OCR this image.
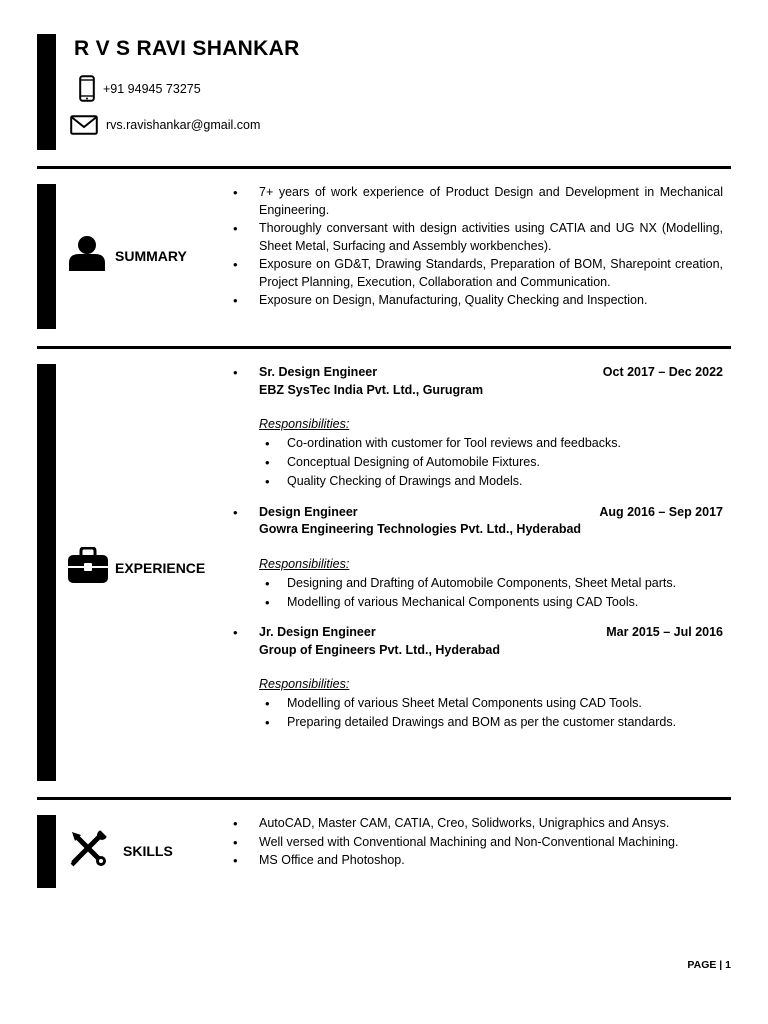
R V S RAVI SHANKAR
+91 94945 73275
rvs.ravishankar@gmail.com
SUMMARY
• 7+ years of work experience of Product Design and Development in Mechanical Engineering.
• Thoroughly conversant with design activities using CATIA and UG NX (Modelling, Sheet Metal, Surfacing and Assembly workbenches).
• Exposure on GD&T, Drawing Standards, Preparation of BOM, Sharepoint creation, Project Planning, Execution, Collaboration and Communication.
• Exposure on Design, Manufacturing, Quality Checking and Inspection.
EXPERIENCE
• Sr. Design Engineer	Oct 2017 – Dec 2022
EBZ SysTec India Pvt. Ltd., Gurugram
Responsibilities:
• Co-ordination with customer for Tool reviews and feedbacks.
• Conceptual Designing of Automobile Fixtures.
• Quality Checking of Drawings and Models.
• Design Engineer	Aug 2016 – Sep 2017
Gowra Engineering Technologies Pvt. Ltd., Hyderabad
Responsibilities:
• Designing and Drafting of Automobile Components, Sheet Metal parts.
• Modelling of various Mechanical Components using CAD Tools.
• Jr. Design Engineer	Mar 2015 – Jul 2016
Group of Engineers Pvt. Ltd., Hyderabad
Responsibilities:
• Modelling of various Sheet Metal Components using CAD Tools.
• Preparing detailed Drawings and BOM as per the customer standards.
SKILLS
• AutoCAD, Master CAM, CATIA, Creo, Solidworks, Unigraphics and Ansys.
• Well versed with Conventional Machining and Non-Conventional Machining.
• MS Office and Photoshop.
PAGE | 1
